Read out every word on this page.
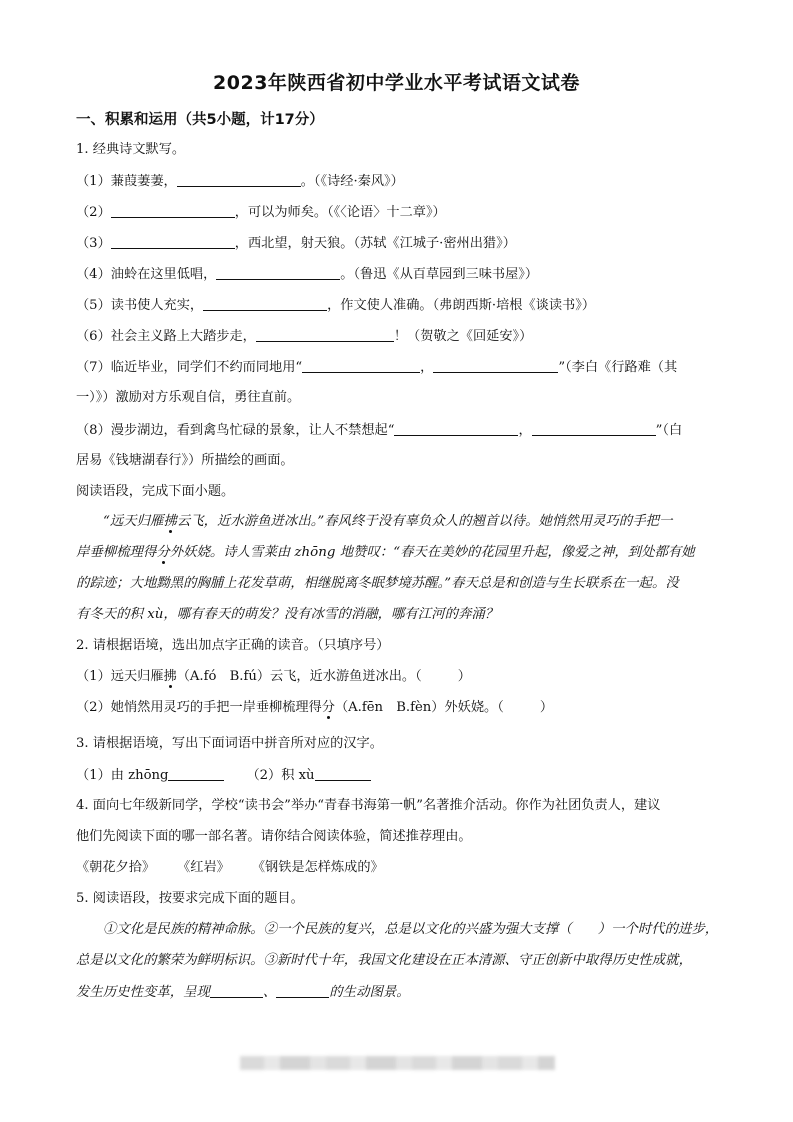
2023年陕西省初中学业水平考试语文试卷
一、积累和运用（共5小题，计17分）
1. 经典诗文默写。
（1）蒹葭萋萋，	。（《诗经·秦风》）
（2）	，可以为师矣。（《〈论语〉十二章》）
（3）	，西北望，射天狼。（苏轼《江城子·密州出猎》）
（4）油蛉在这里低唱，	。（鲁迅《从百草园到三味书屋》）
（5）读书使人充实，	，作文使人准确。（弗朗西斯·培根《谈读书》）
（6）社会主义路上大踏步走，	！（贺敬之《回延安》）
（7）临近毕业，同学们不约而同地用“	，	”（李白《行路难（其
一）》）激励对方乐观自信，勇往直前。
（8）漫步湖边，看到禽鸟忙碌的景象，让人不禁想起“	，	”（白
居易《钱塘湖春行》）所描绘的画面。
阅读语段，完成下面小题。
“远天归雁拂云飞，近水游鱼迸冰出。”春风终于没有辜负众人的翘首以待。她悄然用灵巧的手把一
岸垂柳梳理得分外妖娆。诗人雪莱由 zhōng 地赞叹：“春天在美妙的花园里升起，像爱之神，到处都有她
的踪迹；大地黝黑的胸脯上花发草萌，相继脱离冬眠梦境苏醒。”春天总是和创造与生长联系在一起。没
有冬天的积 xù，哪有春天的萌发？没有冰雪的消融，哪有江河的奔涌？
2. 请根据语境，选出加点字正确的读音。（只填序号）
（1）远天归雁拂（A.fó　B.fú）云飞，近水游鱼迸冰出。（	）
（2）她悄然用灵巧的手把一岸垂柳梳理得分（A.fēn　B.fèn）外妖娆。（	）
3. 请根据语境，写出下面词语中拼音所对应的汉字。
（1）由 zhōng	（2）积 xù
4. 面向七年级新同学，学校“读书会”举办“青春书海第一帆”名著推介活动。你作为社团负责人，建议
他们先阅读下面的哪一部名著。请你结合阅读体验，简述推荐理由。
《朝花夕拾》 《红岩》 《钢铁是怎样炼成的》
5. 阅读语段，按要求完成下面的题目。
①文化是民族的精神命脉。②一个民族的复兴，总是以文化的兴盛为强大支撑（ ）一个时代的进步，
总是以文化的繁荣为鲜明标识。③新时代十年，我国文化建设在正本清源、守正创新中取得历史性成就，
发生历史性变革，呈现	、	的生动图景。
